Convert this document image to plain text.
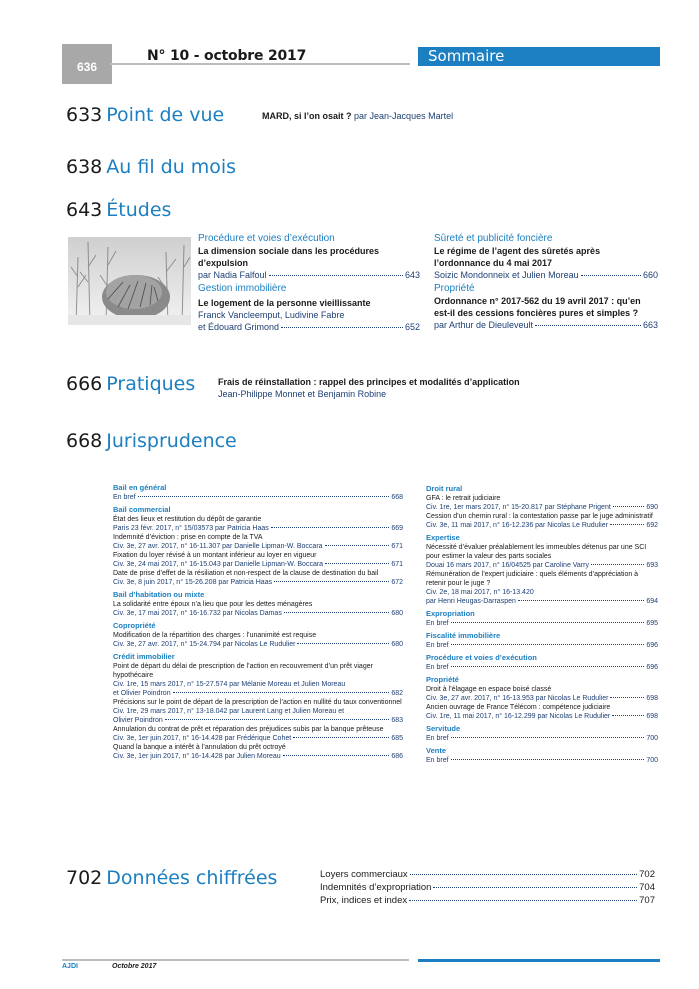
636
N° 10 - octobre 2017	Sommaire
633 Point de vue	MARD, si l’on osait ? par Jean-Jacques Martel
638 Au fil du mois
643 Études
Procédure et voies d’exécution
La dimension sociale dans les procédures d’expulsion
par Nadia Falfoul	643
Gestion immobilière
Le logement de la personne vieillissante
Franck Vancleemput, Ludivine Fabre
et Édouard Grimond	652
Sûreté et publicité foncière
Le régime de l’agent des sûretés après l’ordonnance du 4 mai 2017
Soizic Mondonneix et Julien Moreau	660
Propriété
Ordonnance n° 2017-562 du 19 avril 2017 : qu’en est-il des cessions foncières pures et simples ?
par Arthur de Dieuleveult	663
666 Pratiques	Frais de réinstallation : rappel des principes et modalités d’application
Jean-Philippe Monnet et Benjamin Robine
668 Jurisprudence
Bail en général
En bref	668
Bail commercial
État des lieux et restitution du dépôt de garantie
Paris 23 févr. 2017, n° 15/03573 par Patricia Haas	669
Indemnité d’éviction : prise en compte de la TVA
Civ. 3e, 27 avr. 2017, n° 16-11.307 par Danielle Lipman-W. Boccara	671
Fixation du loyer révisé à un montant inférieur au loyer en vigueur
Civ. 3e, 24 mai 2017, n° 16-15.043 par Danielle Lipman-W. Boccara	671
Date de prise d’effet de la résiliation et non-respect de la clause de destination du bail
Civ. 3e, 8 juin 2017, n° 15-26.208 par Patricia Haas	672
Bail d’habitation ou mixte
La solidarité entre époux n’a lieu que pour les dettes ménagères
Civ. 3e, 17 mai 2017, n° 16-16.732 par Nicolas Damas	680
Copropriété
Modification de la répartition des charges : l’unanimité est requise
Civ. 3e, 27 avr. 2017, n° 15-24.794 par Nicolas Le Rudulier	680
Crédit immobilier
Point de départ du délai de prescription de l’action en recouvrement d’un prêt viager hypothécaire
Civ. 1re, 15 mars 2017, n° 15-27.574 par Mélanie Moreau et Julien Moreau
et Olivier Poindron	682
Précisions sur le point de départ de la prescription de l’action en nullité du taux conventionnel
Civ. 1re, 29 mars 2017, n° 13-18.042 par Laurent Lang et Julien Moreau et
Olivier Poindron	683
Annulation du contrat de prêt et réparation des préjudices subis par la banque prêteuse
Civ. 3e, 1er juin 2017, n° 16-14.428 par Frédérique Cohet	685
Quand la banque a intérêt à l’annulation du prêt octroyé
Civ. 3e, 1er juin 2017, n° 16-14.428 par Julien Moreau	686
Droit rural
GFA : le retrait judiciaire
Civ. 1re, 1er mars 2017, n° 15-20.817 par Stéphane Prigent	690
Cession d’un chemin rural : la contestation passe par le juge administratif
Civ. 3e, 11 mai 2017, n° 16-12.236 par Nicolas Le Rudulier	692
Expertise
Nécessité d’évaluer préalablement les immeubles détenus par une SCI pour estimer la valeur des parts sociales
Douai 16 mars 2017, n° 16/04525 par Caroline Varry	693
Rémunération de l’expert judiciaire : quels éléments d’appréciation à retenir pour le juge ?
Civ. 2e, 18 mai 2017, n° 16-13.420
par Henri Heugas-Darraspen	694
Expropriation
En bref	695
Fiscalité immobilière
En bref	696
Procédure et voies d’exécution
En bref	696
Propriété
Droit à l’élagage en espace boisé classé
Civ. 3e, 27 avr. 2017, n° 16-13.953 par Nicolas Le Rudulier	698
Ancien ouvrage de France Télécom : compétence judiciaire
Civ. 1re, 11 mai 2017, n° 16-12.299 par Nicolas Le Rudulier	698
Servitude
En bref	700
Vente
En bref	700
702 Données chiffrées	Loyers commerciaux	702
Indemnités d’expropriation	704
Prix, indices et index	707
AJDI	Octobre 2017
